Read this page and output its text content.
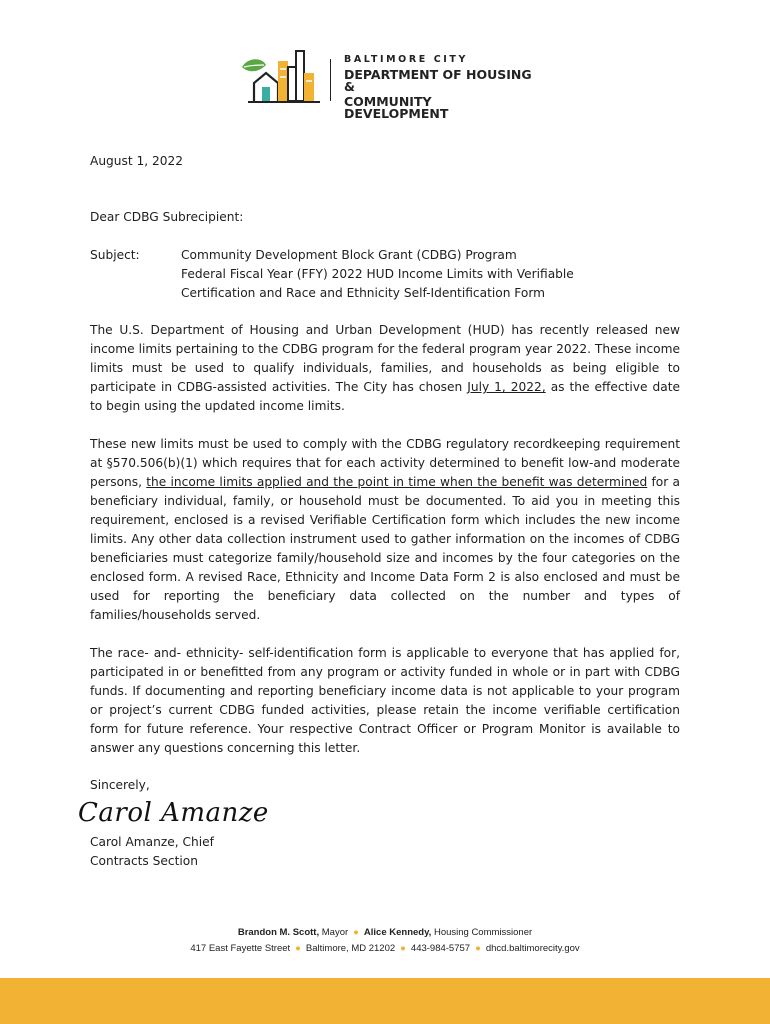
BALTIMORE CITY
DEPARTMENT OF HOUSING &
COMMUNITY DEVELOPMENT
August 1, 2022
Dear CDBG Subrecipient:
Subject:	Community Development Block Grant (CDBG) Program
Federal Fiscal Year (FFY) 2022 HUD Income Limits with Verifiable
Certification and Race and Ethnicity Self-Identification Form
The U.S. Department of Housing and Urban Development (HUD) has recently released new income limits pertaining to the CDBG program for the federal program year 2022. These income limits must be used to qualify individuals, families, and households as being eligible to participate in CDBG-assisted activities. The City has chosen July 1, 2022, as the effective date to begin using the updated income limits.
These new limits must be used to comply with the CDBG regulatory recordkeeping requirement at §570.506(b)(1) which requires that for each activity determined to benefit low-and moderate persons, the income limits applied and the point in time when the benefit was determined for a beneficiary individual, family, or household must be documented. To aid you in meeting this requirement, enclosed is a revised Verifiable Certification form which includes the new income limits. Any other data collection instrument used to gather information on the incomes of CDBG beneficiaries must categorize family/household size and incomes by the four categories on the enclosed form. A revised Race, Ethnicity and Income Data Form 2 is also enclosed and must be used for reporting the beneficiary data collected on the number and types of families/households served.
The race- and- ethnicity- self-identification form is applicable to everyone that has applied for, participated in or benefitted from any program or activity funded in whole or in part with CDBG funds. If documenting and reporting beneficiary income data is not applicable to your program or project’s current CDBG funded activities, please retain the income verifiable certification form for future reference. Your respective Contract Officer or Program Monitor is available to answer any questions concerning this letter.
Sincerely,
Carol Amanze
Carol Amanze, Chief
Contracts Section
Brandon M. Scott, Mayor ● Alice Kennedy, Housing Commissioner
417 East Fayette Street ● Baltimore, MD 21202 ● 443-984-5757 ● dhcd.baltimorecity.gov
